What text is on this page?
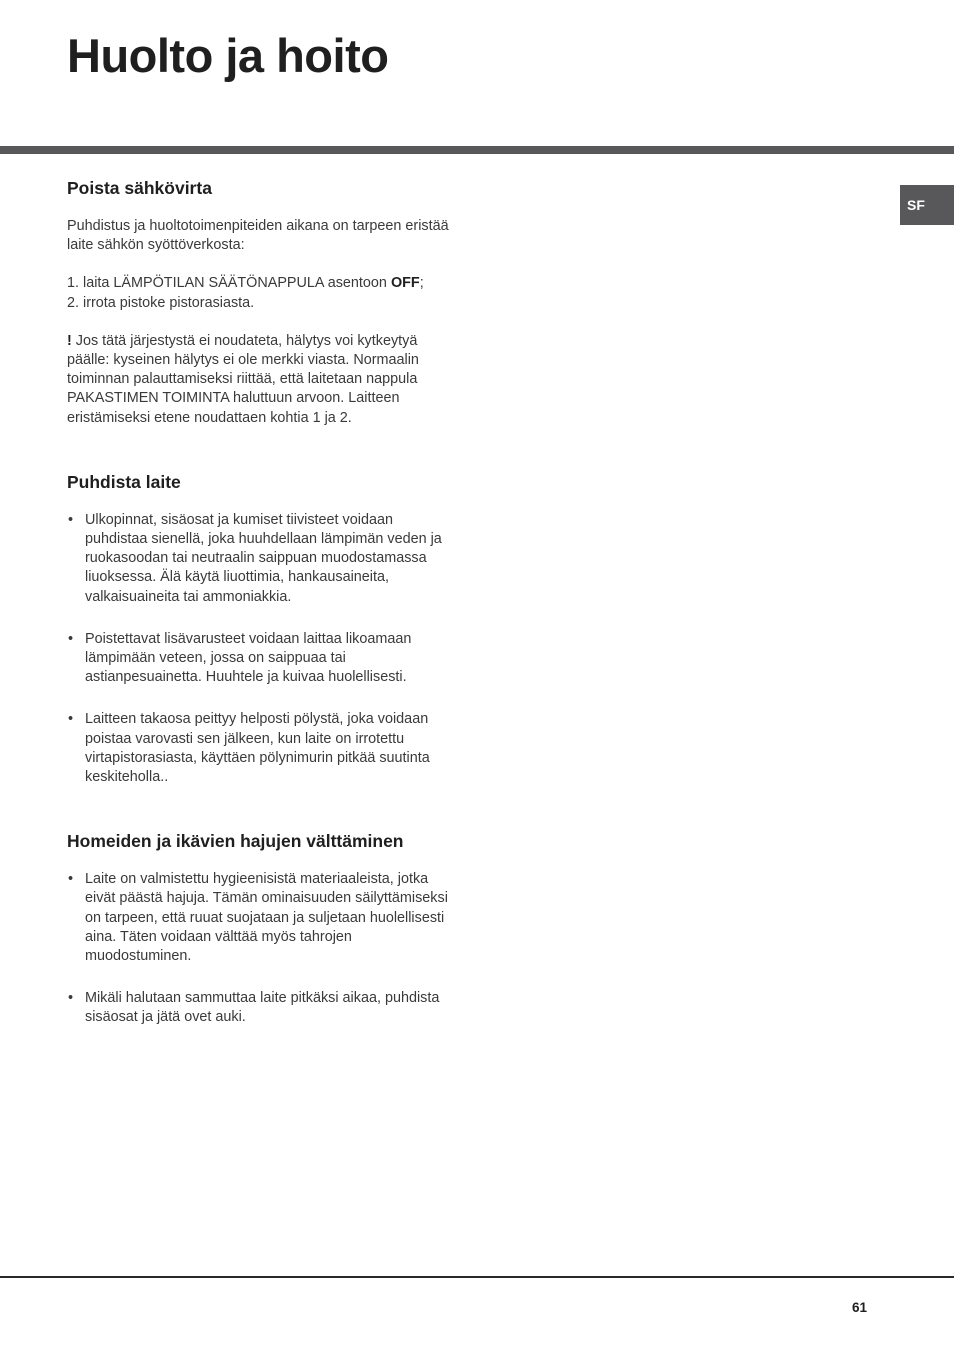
Huolto ja hoito
SF
Poista sähkövirta

Puhdistus ja huoltotoimenpiteiden aikana on tarpeen eristää laite sähkön syöttöverkosta:

1. laita LÄMPÖTILAN SÄÄTÖNAPPULA asentoon OFF;

2. irrota pistoke pistorasiasta.

! Jos tätä järjestystä ei noudateta, hälytys voi kytkeytyä päälle: kyseinen hälytys ei ole merkki viasta. Normaalin toiminnan palauttamiseksi riittää, että laitetaan nappula PAKASTIMEN TOIMINTA haluttuun arvoon. Laitteen eristämiseksi etene noudattaen kohtia 1 ja 2.

Puhdista laite
• Ulkopinnat, sisäosat ja kumiset tiivisteet voidaan puhdistaa sienellä, joka huuhdellaan lämpimän veden ja ruokasoodan tai neutraalin saippuan muodostamassa liuoksessa. Älä käytä liuottimia, hankausaineita, valkaisuaineita tai ammoniakkia.
• Poistettavat lisävarusteet voidaan laittaa likoamaan lämpimään veteen, jossa on saippuaa tai astianpesuainetta. Huuhtele ja kuivaa huolellisesti.
• Laitteen takaosa peittyy helposti pölystä, joka voidaan poistaa varovasti sen jälkeen, kun laite on irrotettu virtapistorasiasta, käyttäen pölynimurin pitkää suutinta keskiteholla..
Homeiden ja ikävien hajujen välttäminen
• Laite on valmistettu hygieenisistä materiaaleista, jotka eivät päästä hajuja. Tämän ominaisuuden säilyttämiseksi on tarpeen, että ruuat suojataan ja suljetaan huolellisesti aina. Täten voidaan välttää myös tahrojen muodostuminen.
• Mikäli halutaan sammuttaa laite pitkäksi aikaa, puhdista sisäosat ja jätä ovet auki.
61
